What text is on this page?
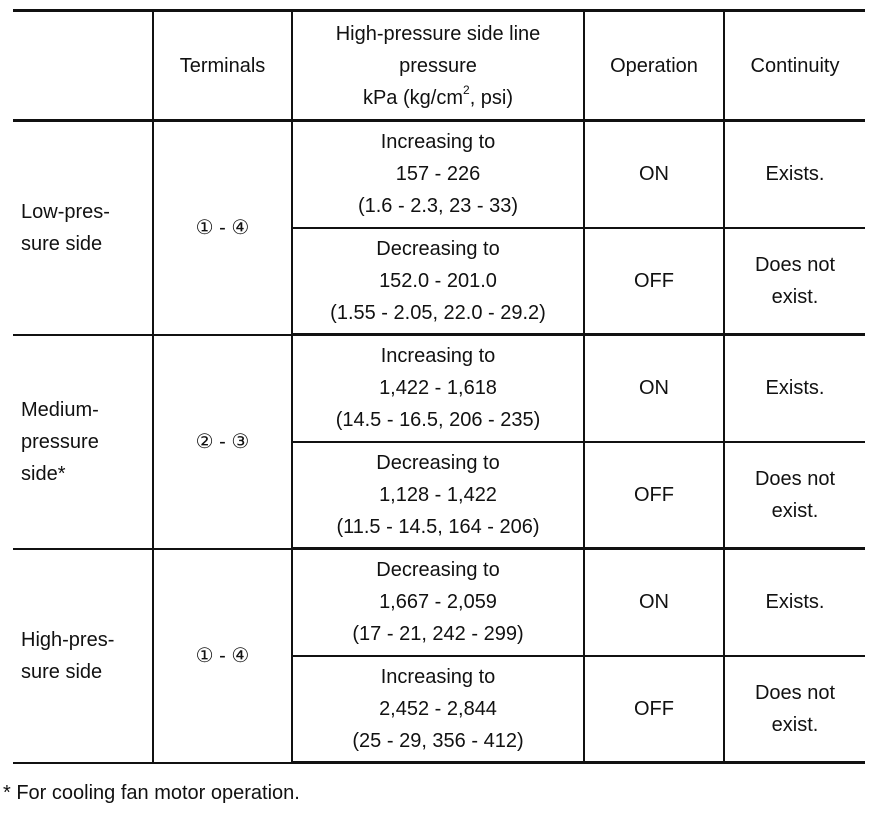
	Terminals	High-pressure side line
pressure
kPa ($kg/cm^2$, psi)	Operation	Continuity

Low-pres-
sure side	① - ④	Increasing to
157 - 226
(1.6 - 2.3, 23 - 33)	ON	Exists.

		Decreasing to
152.0 - 201.0
(1.55 - 2.05, 22.0 - 29.2)	OFF	Does not
exist.

Medium-
pressure
side*	② - ③	Increasing to
1,422 - 1,618
(14.5 - 16.5, 206 - 235)	ON	Exists.

		Decreasing to
1,128 - 1,422
(11.5 - 14.5, 164 - 206)	OFF	Does not
exist.

High-pres-
sure side	① - ④	Decreasing to
1,667 - 2,059
(17 - 21, 242 - 299)	ON	Exists.

		Increasing to
2,452 - 2,844
(25 - 29, 356 - 412)	OFF	Does not
exist.
* For cooling fan motor operation.
